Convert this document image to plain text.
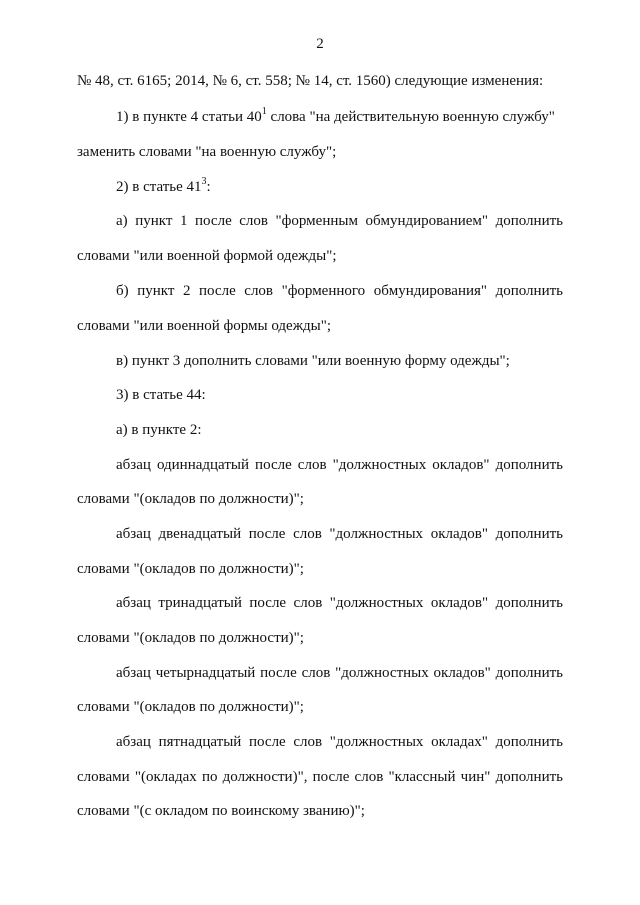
2
№ 48, ст. 6165; 2014, № 6, ст. 558; № 14, ст. 1560) следующие изменения:
1) в пункте 4 статьи $40^1$ слова "на действительную военную службу"
заменить словами "на военную службу";
2) в статье $41^3$:
а) пункт 1 после слов "форменным обмундированием" дополнить
словами "или военной формой одежды";
б) пункт 2 после слов "форменного обмундирования" дополнить
словами "или военной формы одежды";
в) пункт 3 дополнить словами "или военную форму одежды";
3) в статье 44:
а) в пункте 2:
абзац одиннадцатый после слов "должностных окладов" дополнить
словами "(окладов по должности)";
абзац двенадцатый после слов "должностных окладов" дополнить
словами "(окладов по должности)";
абзац тринадцатый после слов "должностных окладов" дополнить
словами "(окладов по должности)";
абзац четырнадцатый после слов "должностных окладов" дополнить
словами "(окладов по должности)";
абзац пятнадцатый после слов "должностных окладах" дополнить
словами "(окладах по должности)", после слов "классный чин" дополнить
словами "(с окладом по воинскому званию)";
